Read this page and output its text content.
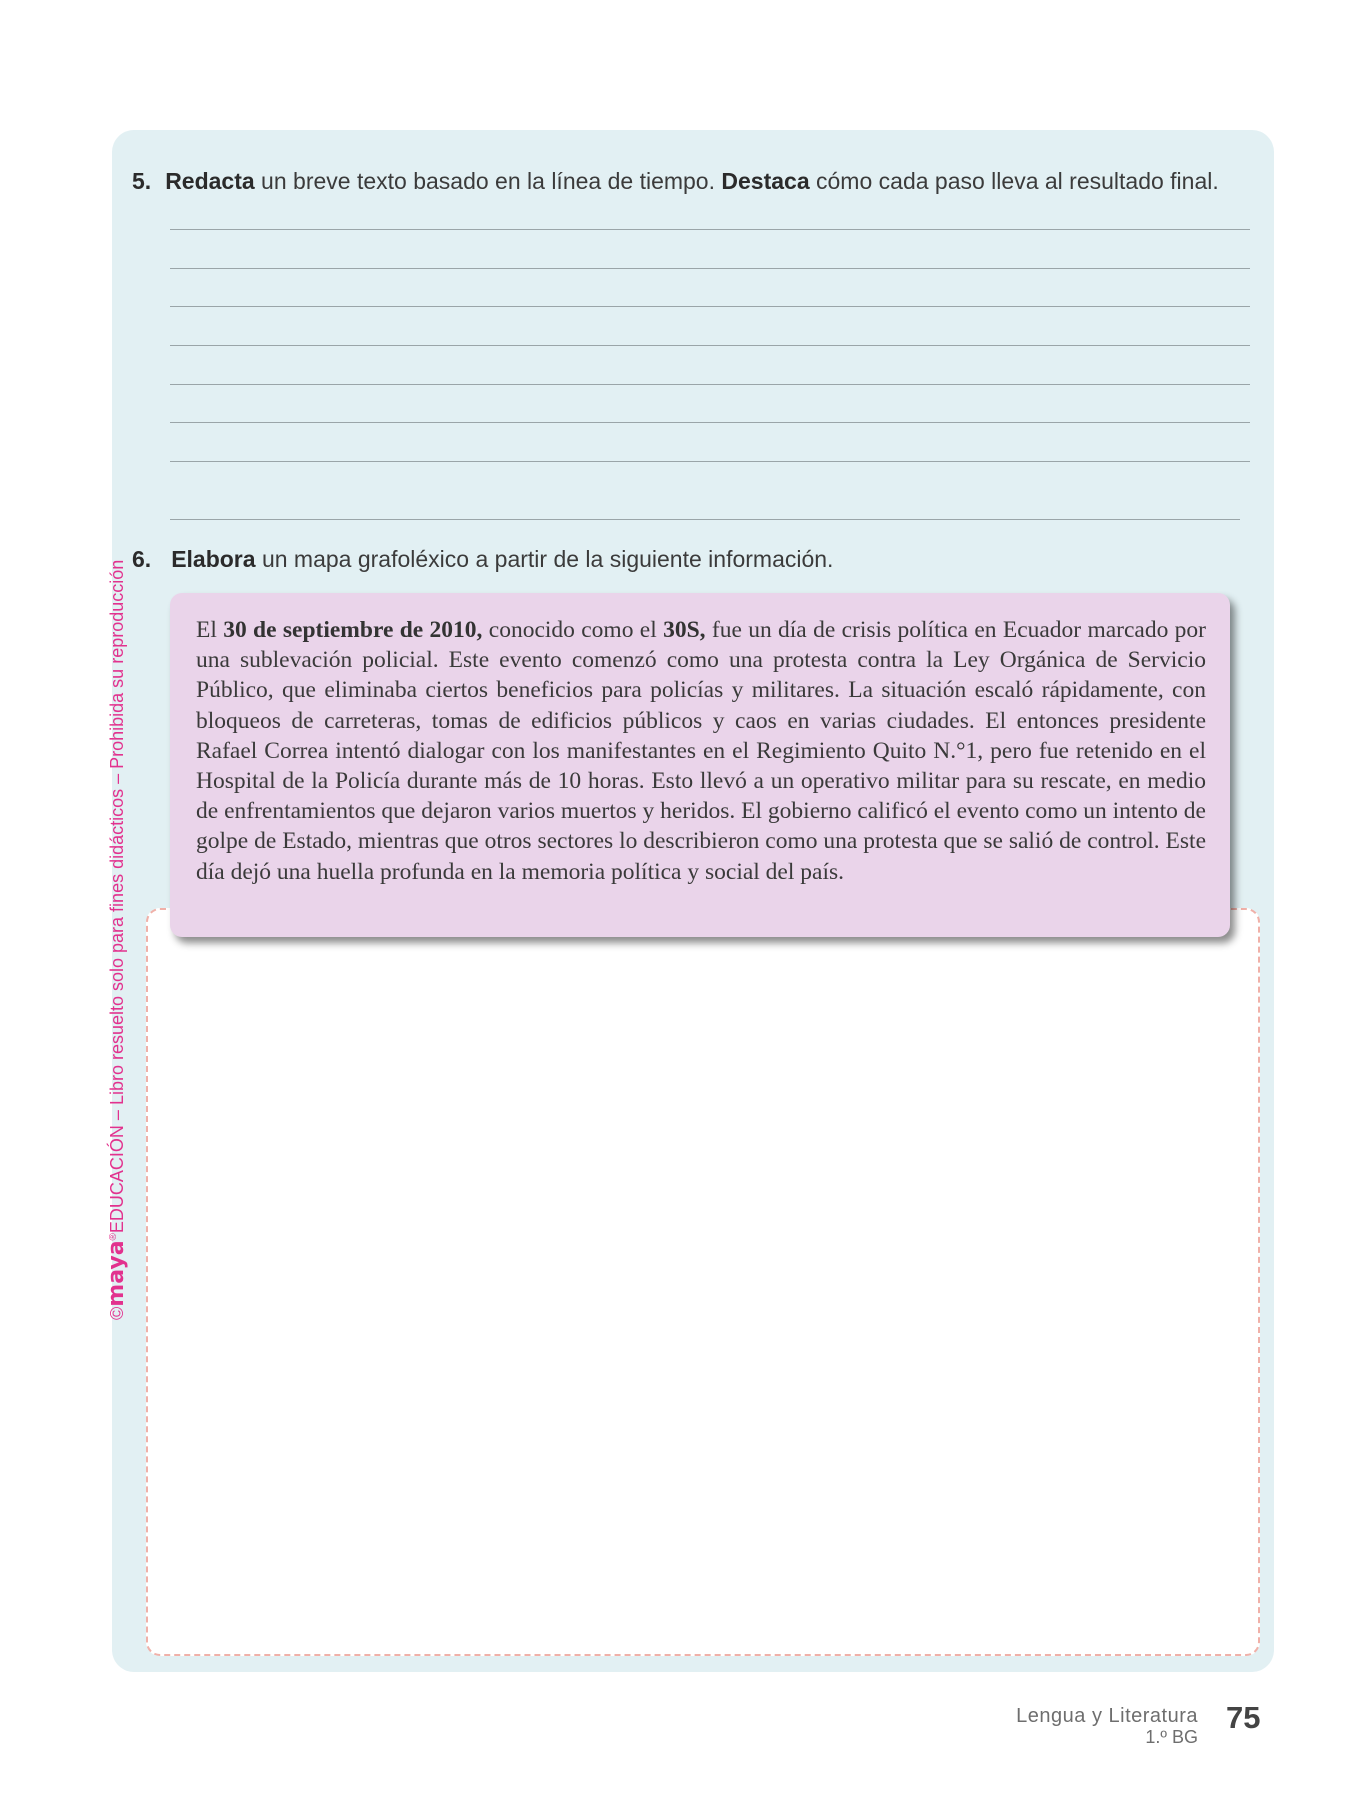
5. Redacta un breve texto basado en la línea de tiempo. Destaca cómo cada paso lleva al resultado final.
6. Elabora un mapa grafoléxico a partir de la siguiente información.
El 30 de septiembre de 2010, conocido como el 30S, fue un día de crisis política en Ecuador marcado por una sublevación policial. Este evento comenzó como una protesta contra la Ley Orgánica de Servicio Público, que eliminaba ciertos beneficios para policías y militares. La situación escaló rápidamente, con bloqueos de carreteras, tomas de edificios públicos y caos en varias ciudades. El entonces presidente Rafael Correa intentó dialogar con los manifestantes en el Regimiento Quito N.°1, pero fue retenido en el Hospital de la Policía durante más de 10 horas. Esto llevó a un operativo militar para su rescate, en medio de enfrentamientos que dejaron varios muertos y heridos. El gobierno calificó el evento como un intento de golpe de Estado, mientras que otros sectores lo describieron como una protesta que se salió de control. Este día dejó una huella profunda en la memoria política y social del país.
©maya®EDUCACIÓN – Libro resuelto solo para fines didácticos – Prohibida su reproducción
Lengua y Literatura
1.º BG
75
